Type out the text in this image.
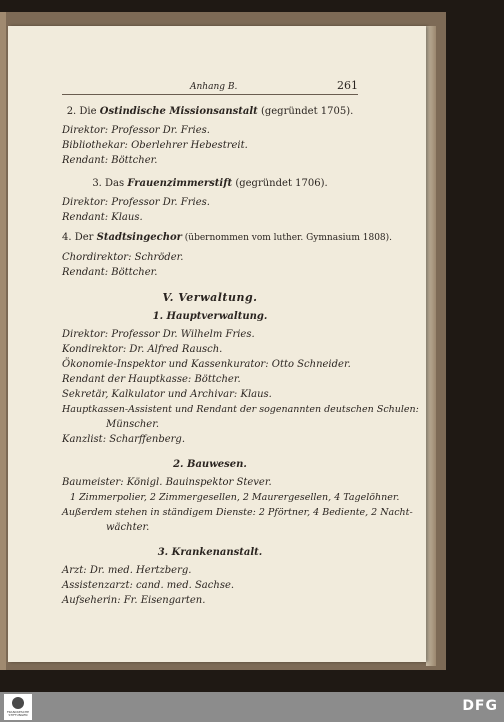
Anhang B.	261
2. Die Ostindische Missionsanstalt (gegründet 1705).
Direktor: Professor Dr. Fries.
Bibliothekar: Oberlehrer Hebestreit.
Rendant: Böttcher.
3. Das Frauenzimmerstift (gegründet 1706).
Direktor: Professor Dr. Fries.
Rendant: Klaus.
4. Der Stadtsingechor (übernommen vom luther. Gymnasium 1808).
Chordirektor: Schröder.
Rendant: Böttcher.
V. Verwaltung.
1. Hauptverwaltung.
Direktor: Professor Dr. Wilhelm Fries.
Kondirektor: Dr. Alfred Rausch.
Ökonomie-Inspektor und Kassenkurator: Otto Schneider.
Rendant der Hauptkasse: Böttcher.
Sekretär, Kalkulator und Archivar: Klaus.
Hauptkassen-Assistent und Rendant der sogenannten deutschen Schulen:
Münscher.
Kanzlist: Scharffenberg.
2. Bauwesen.
Baumeister: Königl. Bauinspektor Stever.
1 Zimmerpolier, 2 Zimmergesellen, 2 Maurergesellen, 4 Tagelöhner.
Außerdem stehen in ständigem Dienste: 2 Pförtner, 4 Bediente, 2 Nacht-
wächter.
3. Krankenanstalt.
Arzt: Dr. med. Hertzberg.
Assistenzarzt: cand. med. Sachse.
Aufseherin: Fr. Eisengarten.
FRANCKESCHE STIFTUNGEN
DFG
